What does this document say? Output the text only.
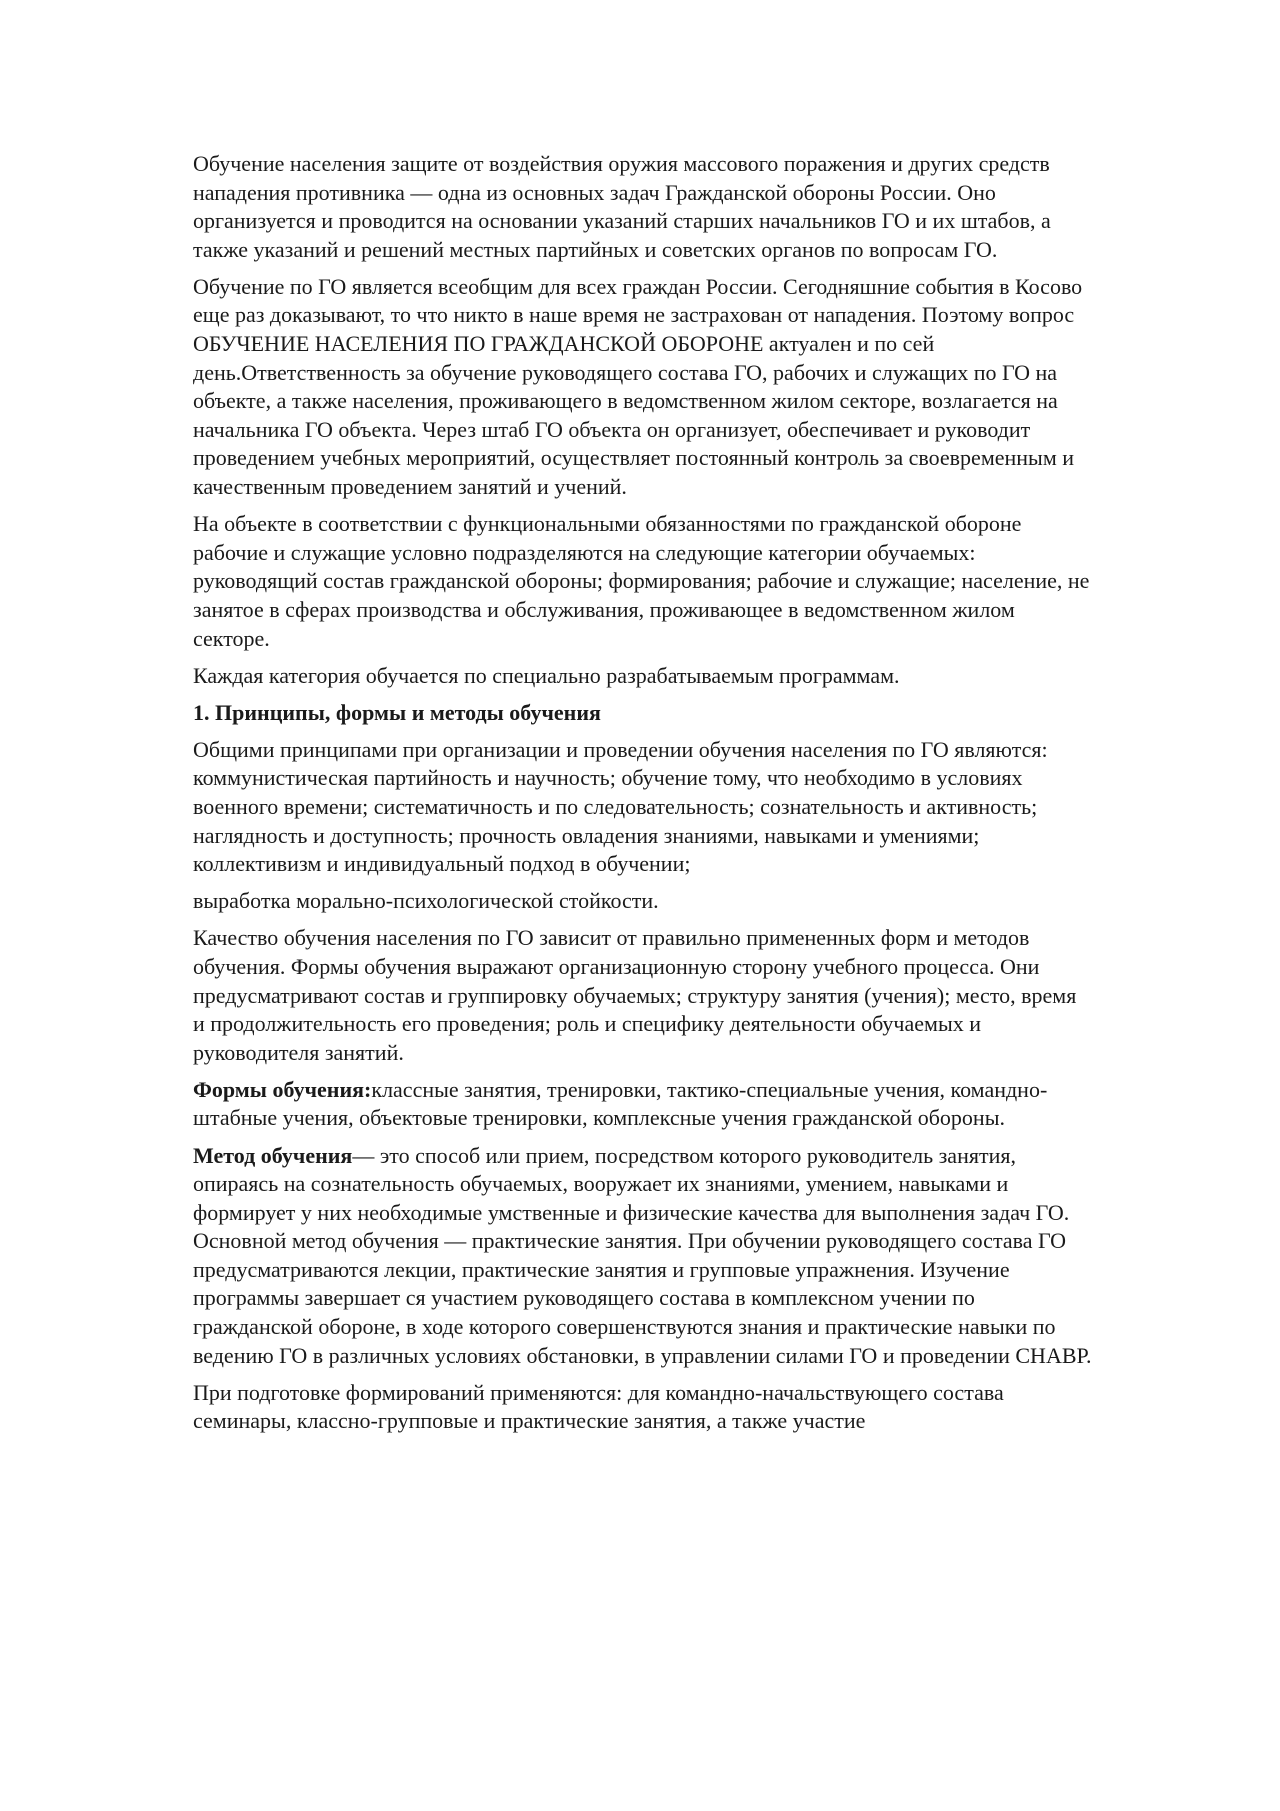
Обучение населения защите от воздействия оружия массового поражения и других средств нападения противника — одна из основных задач Гражданской обороны России. Оно организуется и проводится на основании указаний старших начальников ГО и их штабов, а также указаний и решений местных партийных и советских органов по вопросам ГО.

Обучение по ГО является всеобщим для всех граждан России. Сегодняшние события в Косово еще раз доказывают, то что никто в наше время не застрахован от нападения. Поэтому вопрос ОБУЧЕНИЕ НАСЕЛЕНИЯ ПО ГРАЖДАНСКОЙ ОБОРОНЕ актуален и по сей день.Ответственность за обучение руководящего состава ГО, рабочих и служащих по ГО на объекте, а также населения, проживающего в ведомственном жилом секторе, возлагается на начальника ГО объекта. Через штаб ГО объекта он организует, обеспечивает и руководит проведением учебных мероприятий, осуществляет постоянный контроль за своевременным и качественным проведением занятий и учений.

На объекте в соответствии с функциональными обязанностями по гражданской обороне рабочие и служащие условно подразделяются на следующие категории обучаемых: руководящий состав гражданской обороны; формирования; рабочие и служащие; население, не занятое в сферах производства и обслуживания, проживающее в ведомственном жилом секторе.

Каждая категория обучается по специально разрабатываемым программам.

1. Принципы, формы и методы обучения

Общими принципами при организации и проведении обучения населения по ГО являются: коммунистическая партийность и научность; обучение тому, что необходимо в условиях военного времени; систематичность и по следовательность; сознательность и активность; наглядность и доступность; прочность овладения знаниями, навыками и умениями; коллективизм и индивидуальный подход в обучении;

выработка морально-психологической стойкости.

Качество обучения населения по ГО зависит от правильно примененных форм и методов обучения. Формы обучения выражают организационную сторону учебного процесса. Они предусматривают состав и группировку обучаемых; структуру занятия (учения); место, время и продолжительность его проведения; роль и специфику деятельности обучаемых и руководителя занятий.

Формы обучения:классные занятия, тренировки, тактико-специальные учения, командно-штабные учения, объектовые тренировки, комплексные учения гражданской обороны.

Метод обучения— это способ или прием, посредством которого руководитель занятия, опираясь на сознательность обучаемых, вооружает их знаниями, умением, навыками и формирует у них необходимые умственные и физические качества для выполнения задач ГО. Основной метод обучения — практические занятия. При обучении руководящего состава ГО предусматриваются лекции, практические занятия и групповые упражнения. Изучение программы завершает ся участием руководящего состава в комплексном учении по гражданской обороне, в ходе которого совершенствуются знания и практические навыки по ведению ГО в различных условиях обстановки, в управлении силами ГО и проведении СНАВР.

При подготовке формирований применяются: для командно-начальствующего состава семинары, классно-групповые и практические занятия, а также участие
